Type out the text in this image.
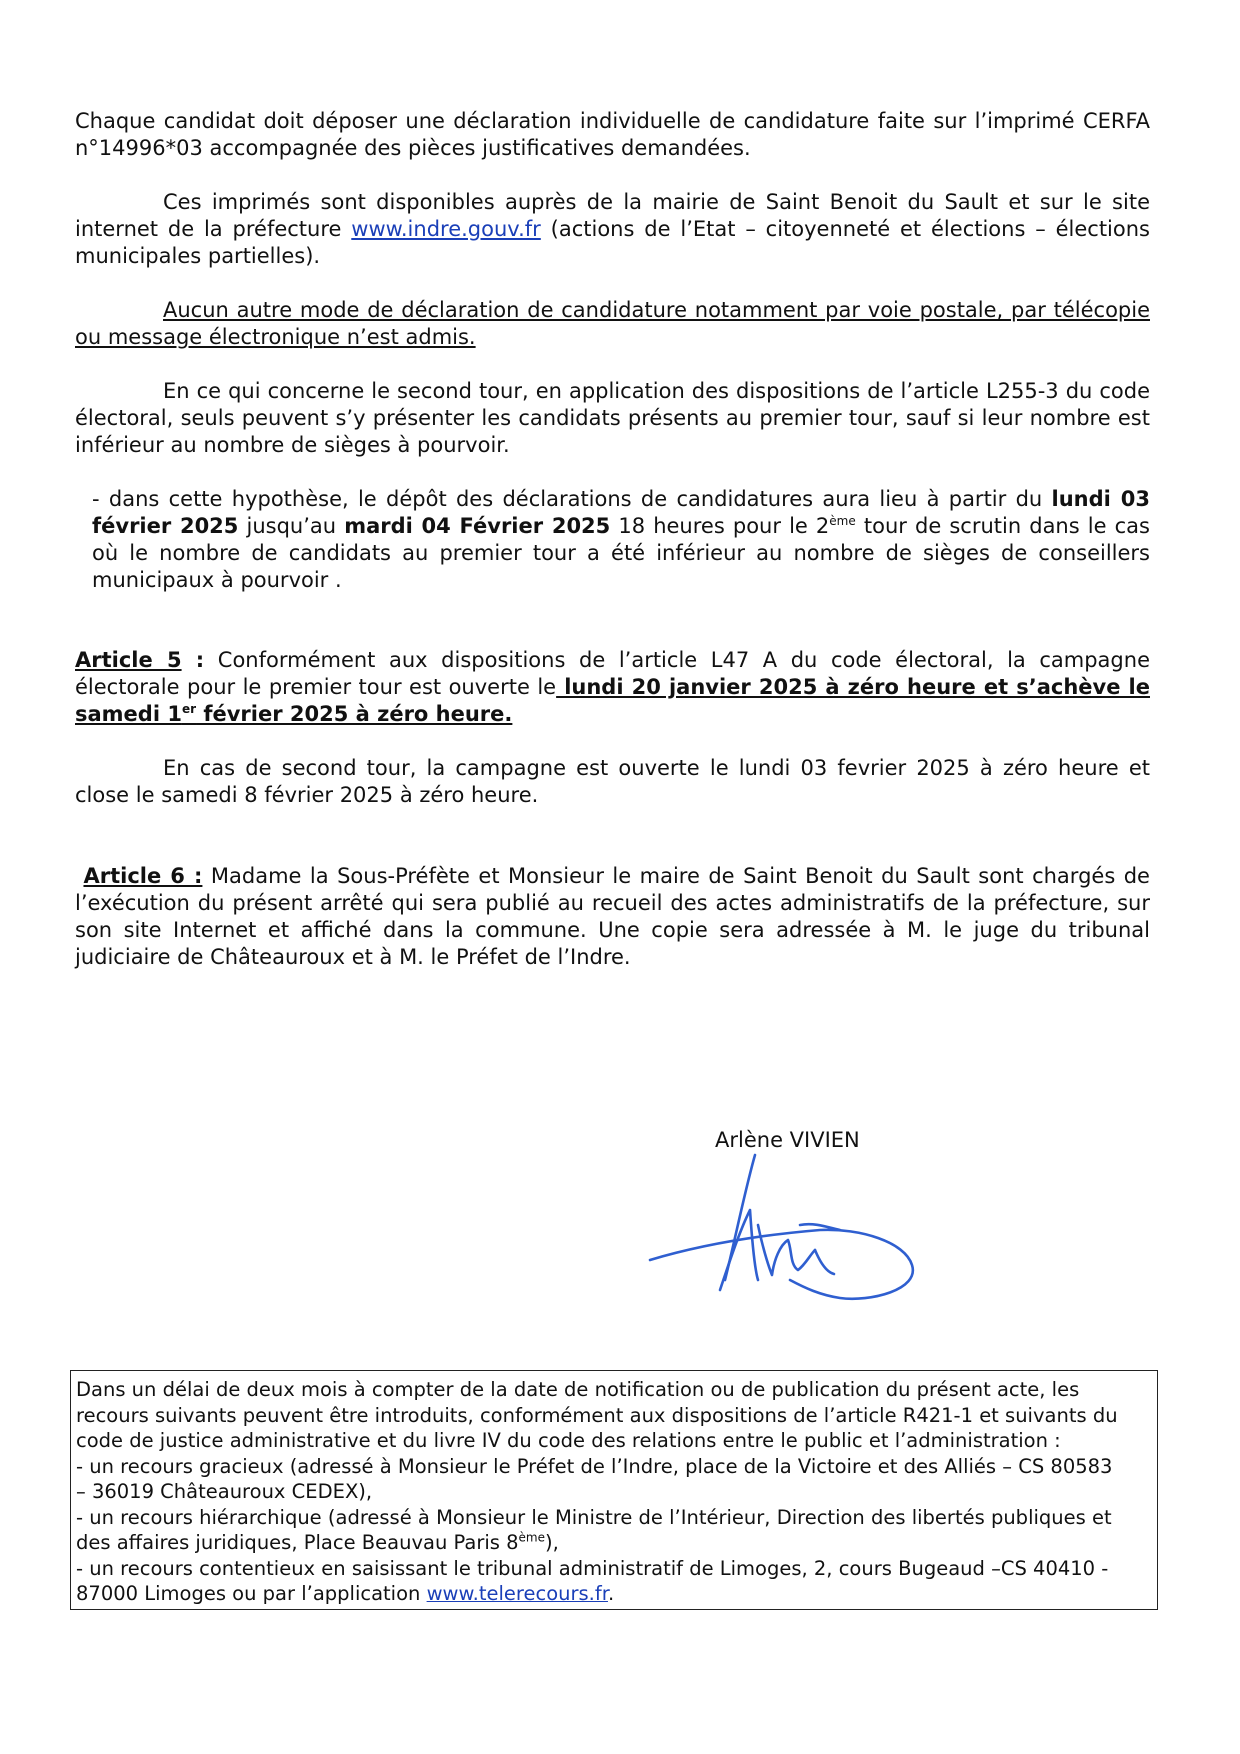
Chaque candidat doit déposer une déclaration individuelle de candidature faite sur l’imprimé CERFA n°14996*03 accompagnée des pièces justificatives demandées.

Ces imprimés sont disponibles auprès de la mairie de Saint Benoit du Sault et sur le site internet de la préfecture www.indre.gouv.fr (actions de l’Etat – citoyenneté et élections – élections municipales partielles).

Aucun autre mode de déclaration de candidature notamment par voie postale, par télécopie ou message électronique n’est admis.

En ce qui concerne le second tour, en application des dispositions de l’article L255-3 du code électoral, seuls peuvent s’y présenter les candidats présents au premier tour, sauf si leur nombre est inférieur au nombre de sièges à pourvoir.

- dans cette hypothèse, le dépôt des déclarations de candidatures aura lieu à partir du lundi 03 février 2025 jusqu’au mardi 04 Février 2025 18 heures pour le 2ème tour de scrutin dans le cas où le nombre de candidats au premier tour a été inférieur au nombre de sièges de conseillers municipaux à pourvoir .

Article 5 : Conformément aux dispositions de l’article L47 A du code électoral, la campagne électorale pour le premier tour est ouverte le lundi 20 janvier 2025 à zéro heure et s’achève le samedi 1er février 2025 à zéro heure.

En cas de second tour, la campagne est ouverte le lundi 03 fevrier 2025 à zéro heure et close le samedi 8 février 2025 à zéro heure.

Article 6 : Madame la Sous-Préfète et Monsieur le maire de Saint Benoit du Sault sont chargés de l’exécution du présent arrêté qui sera publié au recueil des actes administratifs de la préfecture, sur son site Internet et affiché dans la commune. Une copie sera adressée à M. le juge du tribunal judiciaire de Châteauroux et à M. le Préfet de l’Indre.

Arlène VIVIEN
Dans un délai de deux mois à compter de la date de notification ou de publication du présent acte, les
recours suivants peuvent être introduits, conformément aux dispositions de l’article R421-1 et suivants du
code de justice administrative et du livre IV du code des relations entre le public et l’administration :
- un recours gracieux (adressé à Monsieur le Préfet de l’Indre, place de la Victoire et des Alliés – CS 80583
– 36019 Châteauroux CEDEX),
- un recours hiérarchique (adressé à Monsieur le Ministre de l’Intérieur, Direction des libertés publiques et
des affaires juridiques, Place Beauvau Paris 8ème),
- un recours contentieux en saisissant le tribunal administratif de Limoges, 2, cours Bugeaud –CS 40410 -
87000 Limoges ou par l’application www.telerecours.fr.
